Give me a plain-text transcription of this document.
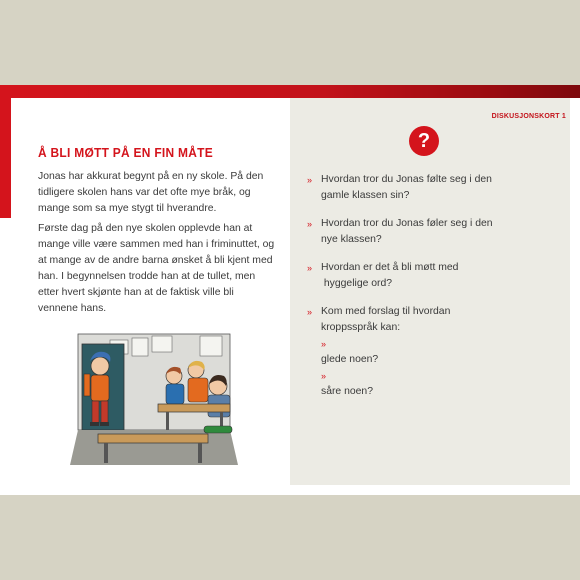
DISKUSJONSKORT 1
Å BLI MØTT PÅ EN FIN MÅTE

Jonas har akkurat begynt på en ny skole. På den tidligere skolen hans var det ofte mye bråk, og mange som sa mye stygt til hverandre.

Første dag på den nye skolen opplevde han at mange ville være sammen med han i friminuttet, og at mange av de andre barna ønsket å bli kjent med han. I begynnelsen trodde han at de tullet, men etter hvert skjønte han at de faktisk ville bli vennene hans.

?
» Hvordan tror du Jonas følte seg i den
gamle klassen sin?
» Hvordan tror du Jonas føler seg i den
nye klassen?
» Hvordan er det å bli møtt med
hyggelige ord?
» Kom med forslag til hvordan
kroppsspråk kan:
»
glede noen?
»
såre noen?
